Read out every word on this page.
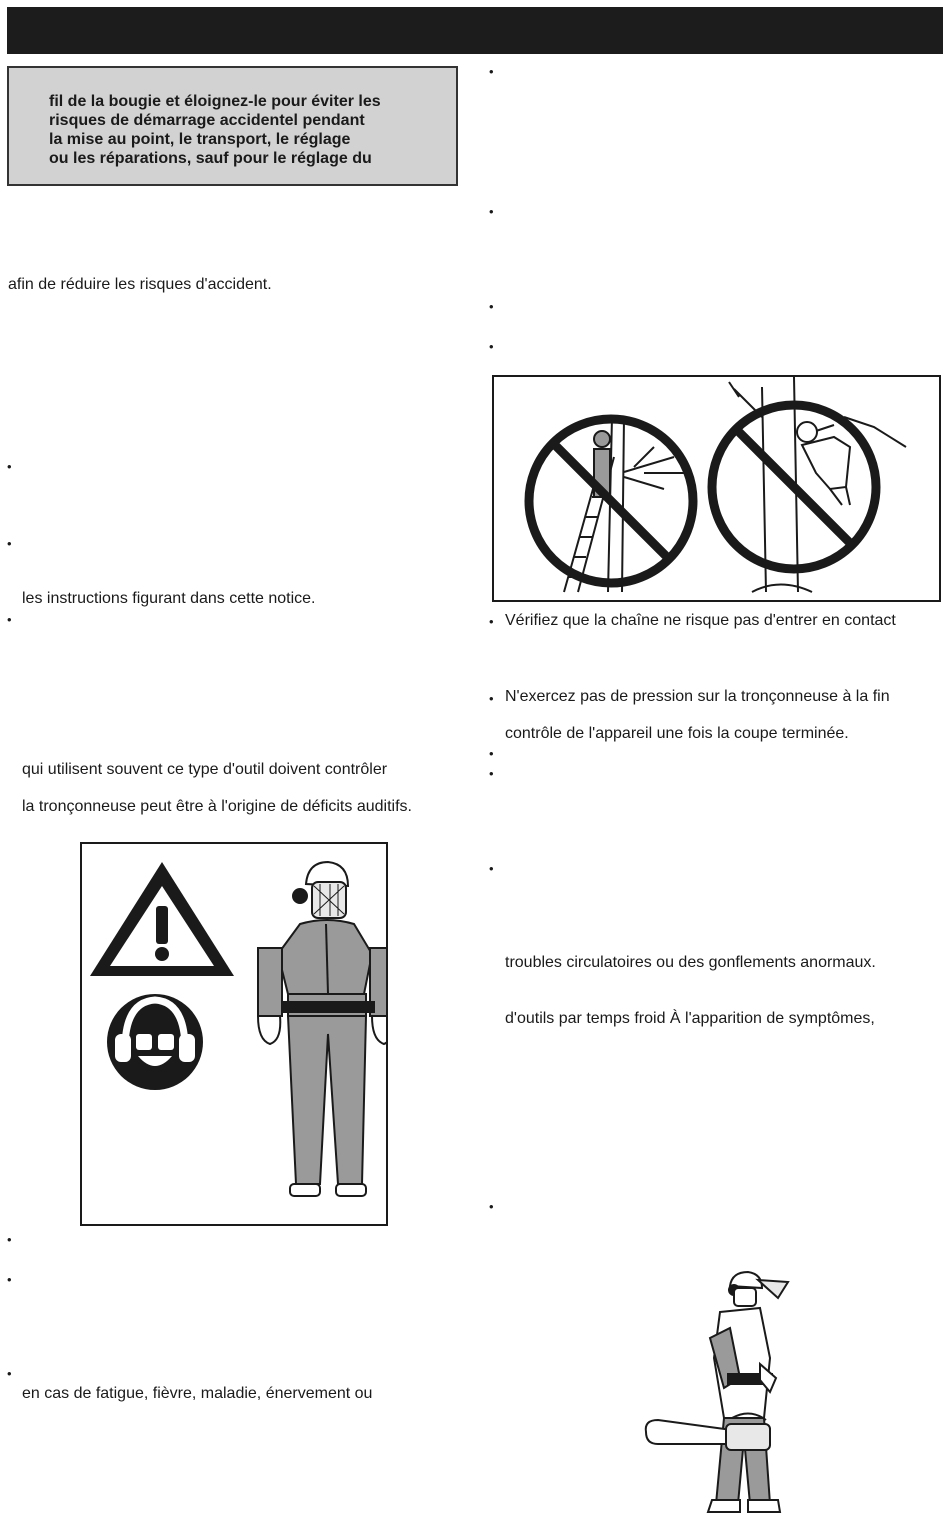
fil de la bougie et éloignez-le pour éviter les
risques de démarrage accidentel pendant
la mise au point, le transport, le réglage
ou les réparations, sauf pour le réglage du
afin de réduire les risques d'accident.
•
•
les instructions figurant dans cette notice.
•
qui utilisent souvent ce type d'outil doivent contrôler
la tronçonneuse peut être à l'origine de déficits auditifs.
•
•
•
en cas de fatigue, fièvre, maladie, énervement ou
•
•
•
•
• Vérifiez que la chaîne ne risque pas d'entrer en contact
• N'exercez pas de pression sur la tronçonneuse à la fin
contrôle de l'appareil une fois la coupe terminée.
•
•
•
troubles circulatoires ou des gonflements anormaux.
d'outils par temps froid À l'apparition de symptômes,
•
